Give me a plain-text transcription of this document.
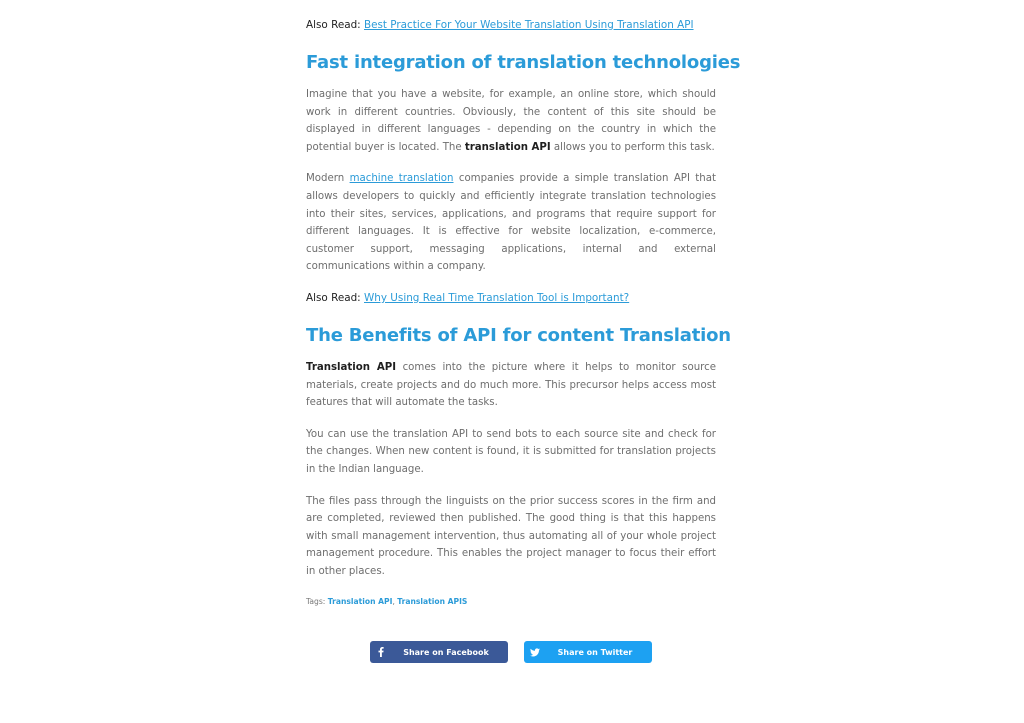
Also Read: Best Practice For Your Website Translation Using Translation API

Fast integration of translation technologies

Imagine that you have a website, for example, an online store, which should work in different countries. Obviously, the content of this site should be displayed in different languages - depending on the country in which the potential buyer is located. The translation API allows you to perform this task.

Modern machine translation companies provide a simple translation API that allows developers to quickly and efficiently integrate translation technologies into their sites, services, applications, and programs that require support for different languages. It is effective for website localization, e-commerce, customer support, messaging applications, internal and external communications within a company.

Also Read: Why Using Real Time Translation Tool is Important?

The Benefits of API for content Translation

Translation API comes into the picture where it helps to monitor source materials, create projects and do much more. This precursor helps access most features that will automate the tasks.

You can use the translation API to send bots to each source site and check for the changes. When new content is found, it is submitted for translation projects in the Indian language.

The files pass through the linguists on the prior success scores in the firm and are completed, reviewed then published. The good thing is that this happens with small management intervention, thus automating all of your whole project management procedure. This enables the project manager to focus their effort in other places.

Tags: Translation API, Translation APIS

Share on Facebook	Share on Twitter
